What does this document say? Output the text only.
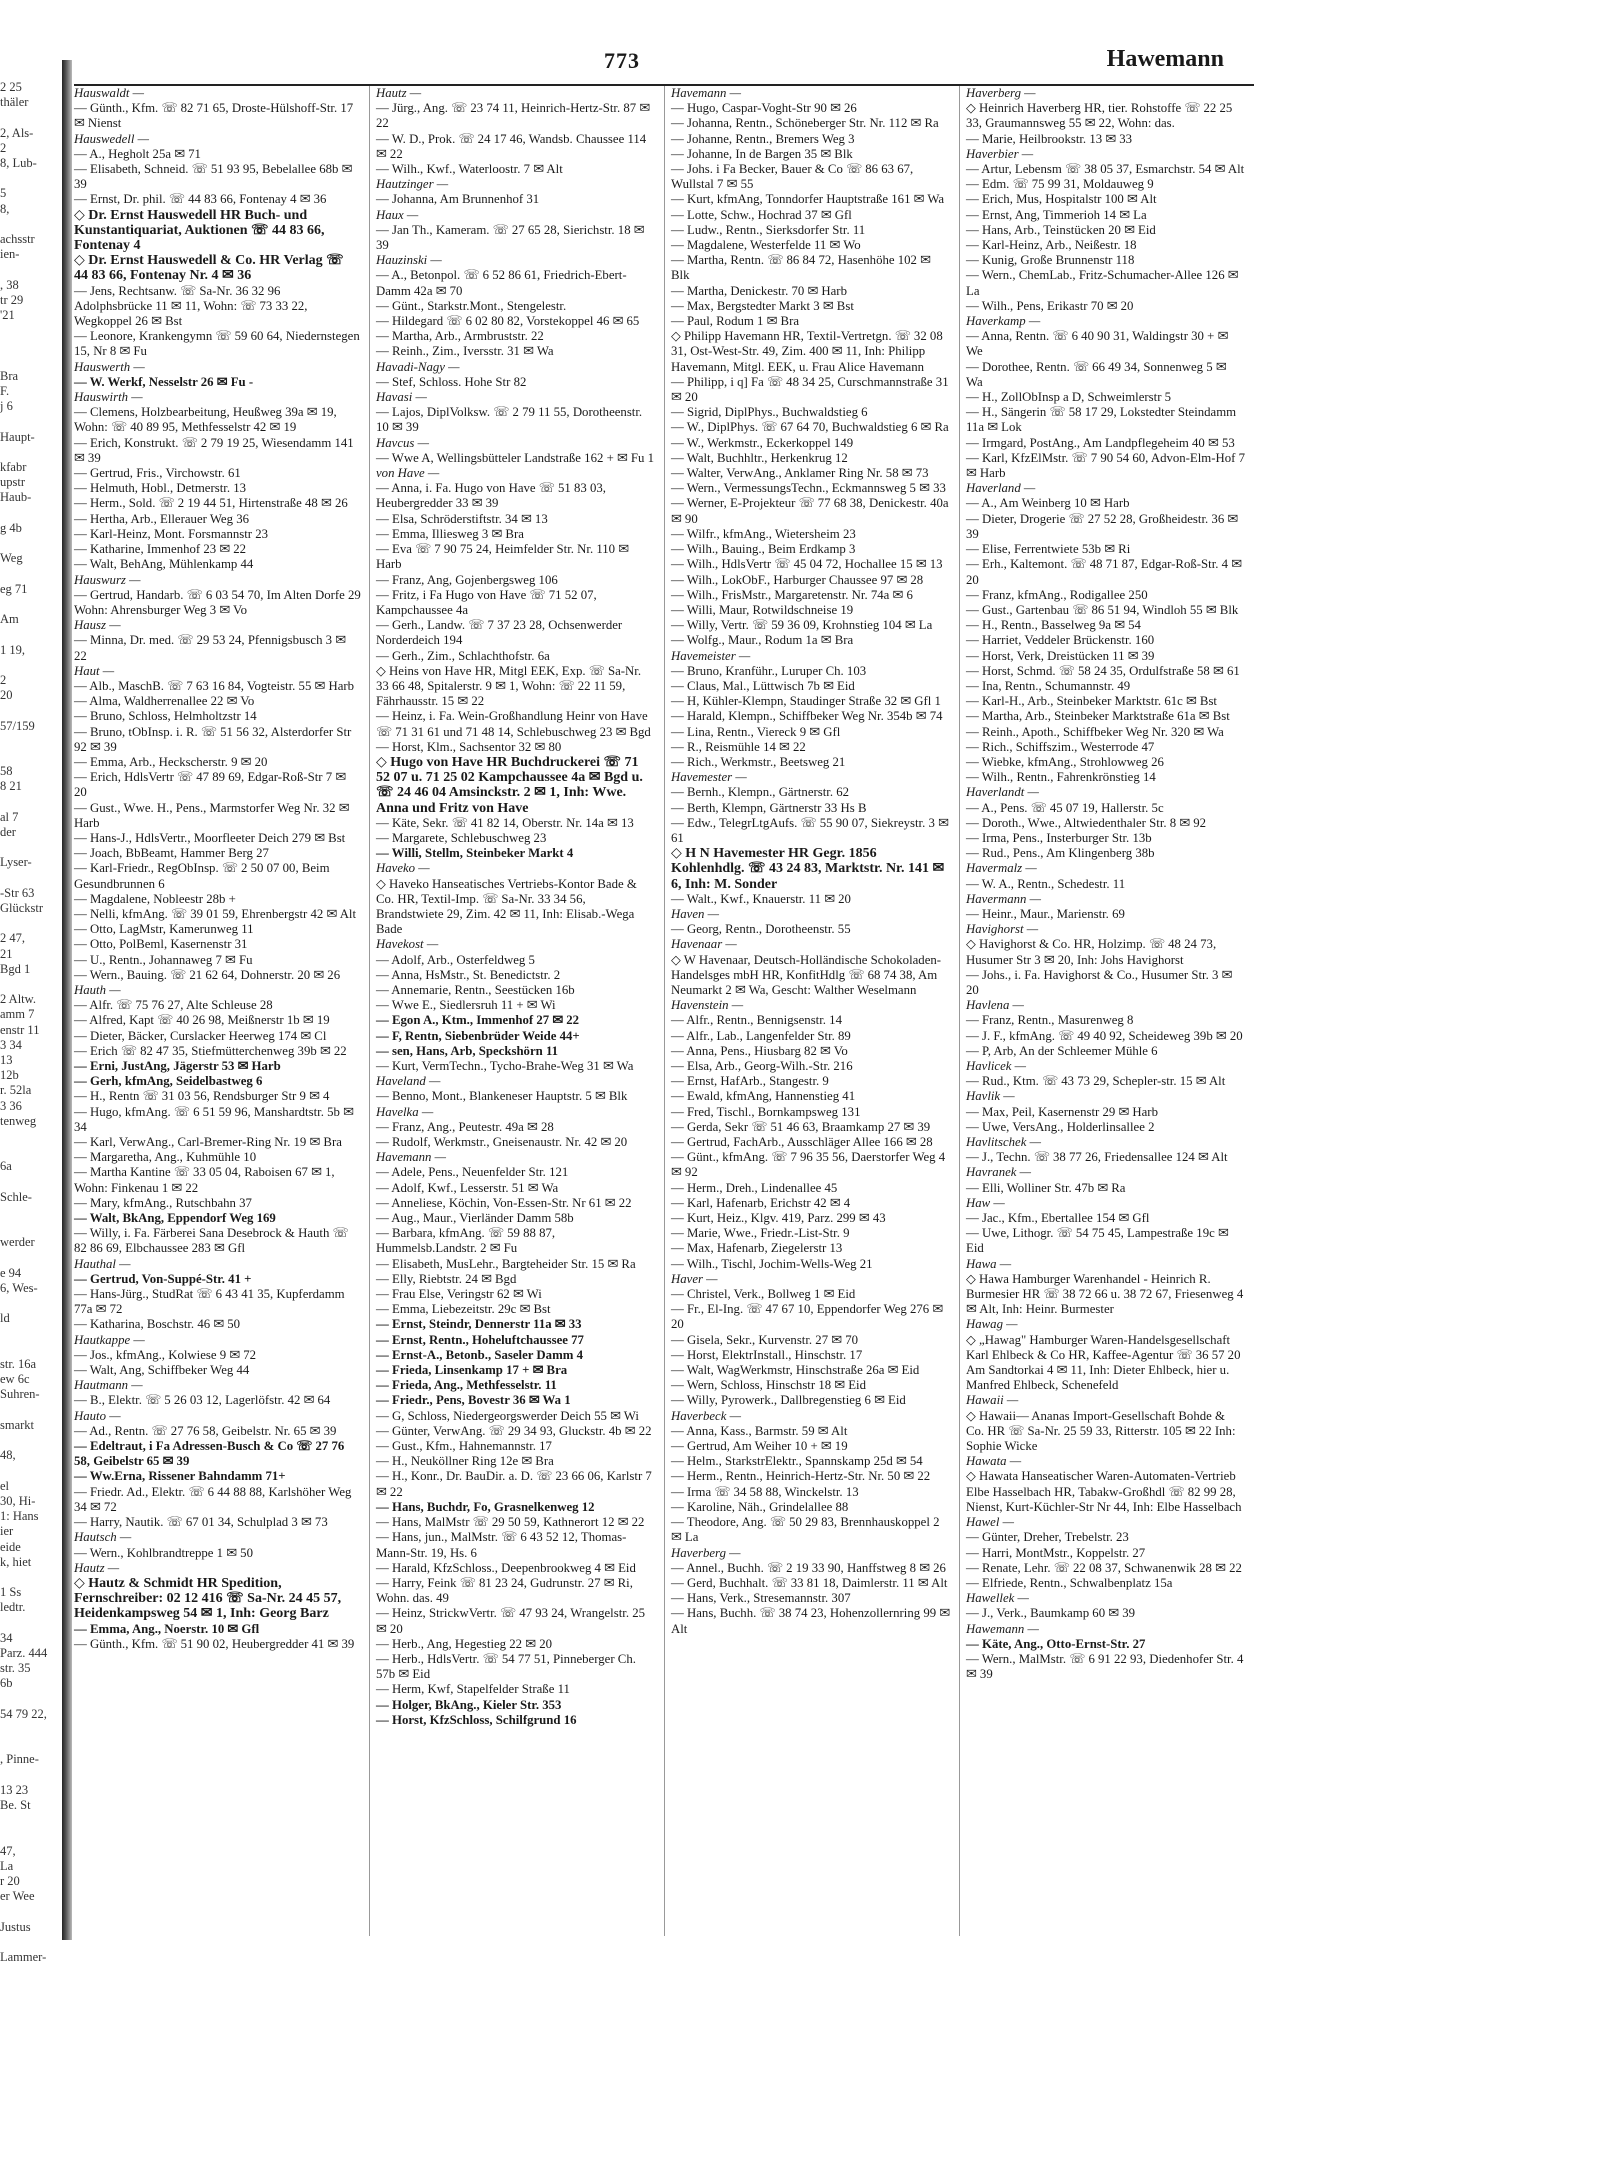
2 25
thäler

2, Als-
2
8, Lub-

5
8,

achsstr
ien-

, 38
tr 29
'21

Bra
F.
j 6

Haupt-

kfabr
upstr
Haub-

g 4b

Weg

eg 71

Am

1 19,

2
20

57/159

58
8 21

al 7
der

Lyser-

-Str 63
Glückstr

2 47,
21
Bgd 1

2 Altw.
amm 7
enstr 11
3 34
13
12b
r. 52la
3 36
tenweg

6a

Schle-

werder

e 94
6, Wes-

ld

str. 16a
ew 6c
Suhren-

smarkt

48,

el
30, Hi-
1: Hans
ier
eide
k, hiet

1 Ss
ledtr.

34
Parz. 444
str. 35
6b

54 79 22,

, Pinne-

13 23
Be. St

47,
La
r 20
er Wee

Justus

Lammer-
773	Hawemann
Hauswaldt —
— Günth., Kfm. ☏ 82 71 65, Droste-Hülshoff-Str. 17 ✉ Nienst
Hauswedell —
— A., Hegholt 25a ✉ 71
— Elisabeth, Schneid. ☏ 51 93 95, Bebelallee 68b ✉ 39
— Ernst, Dr. phil. ☏ 44 83 66, Fontenay 4 ✉ 36
◇ Dr. Ernst Hauswedell HR Buch- und Kunstantiquariat, Auktionen ☏ 44 83 66, Fontenay 4
◇ Dr. Ernst Hauswedell & Co. HR Verlag ☏ 44 83 66, Fontenay Nr. 4 ✉ 36
— Jens, Rechtsanw. ☏ Sa-Nr. 36 32 96 Adolphsbrücke 11 ✉ 11, Wohn: ☏ 73 33 22, Wegkoppel 26 ✉ Bst
— Leonore, Krankengymn ☏ 59 60 64, Niedernstegen 15, Nr 8 ✉ Fu
Hauswerth —
— W. Werkf, Nesselstr 26 ✉ Fu -
Hauswirth —
— Clemens, Holzbearbeitung, Heußweg 39a ✉ 19, Wohn: ☏ 40 89 95, Methfesselstr 42 ✉ 19
— Erich, Konstrukt. ☏ 2 79 19 25, Wiesendamm 141 ✉ 39
— Gertrud, Fris., Virchowstr. 61
— Helmuth, Hobl., Detmerstr. 13
— Herm., Sold. ☏ 2 19 44 51, Hirtenstraße 48 ✉ 26
— Hertha, Arb., Ellerauer Weg 36
— Karl-Heinz, Mont. Forsmannstr 23
— Katharine, Immenhof 23 ✉ 22
— Walt, BehAng, Mühlenkamp 44
Hauswurz —
— Gertrud, Handarb. ☏ 6 03 54 70, Im Alten Dorfe 29 Wohn: Ahrensburger Weg 3 ✉ Vo
Hausz —
— Minna, Dr. med. ☏ 29 53 24, Pfennigsbusch 3 ✉ 22
Haut —
— Alb., MaschB. ☏ 7 63 16 84, Vogteistr. 55 ✉ Harb
— Alma, Waldherrenallee 22 ✉ Vo
— Bruno, Schloss, Helmholtzstr 14
— Bruno, tObInsp. i. R. ☏ 51 56 32, Alsterdorfer Str 92 ✉ 39
— Emma, Arb., Heckscherstr. 9 ✉ 20
— Erich, HdlsVertr ☏ 47 89 69, Edgar-Roß-Str 7 ✉ 20
— Gust., Wwe. H., Pens., Marmstorfer Weg Nr. 32 ✉ Harb
— Hans-J., HdlsVertr., Moorfleeter Deich 279 ✉ Bst
— Joach, BbBeamt, Hammer Berg 27
— Karl-Friedr., RegObInsp. ☏ 2 50 07 00, Beim Gesundbrunnen 6
— Magdalene, Nobleestr 28b +
— Nelli, kfmAng. ☏ 39 01 59, Ehrenbergstr 42 ✉ Alt
— Otto, LagMstr, Kamerunweg 11
— Otto, PolBeml, Kasernenstr 31
— U., Rentn., Johannaweg 7 ✉ Fu
— Wern., Bauing. ☏ 21 62 64, Dohnerstr. 20 ✉ 26
Hauth —
— Alfr. ☏ 75 76 27, Alte Schleuse 28
— Alfred, Kapt ☏ 40 26 98, Meißnerstr 1b ✉ 19
— Dieter, Bäcker, Curslacker Heerweg 174 ✉ Cl
— Erich ☏ 82 47 35, Stiefmütterchenweg 39b ✉ 22
— Erni, JustAng, Jägerstr 53 ✉ Harb
— Gerh, kfmAng, Seidelbastweg 6
— H., Rentn ☏ 31 03 56, Rendsburger Str 9 ✉ 4
— Hugo, kfmAng. ☏ 6 51 59 96, Manshardtstr. 5b ✉ 34
— Karl, VerwAng., Carl-Bremer-Ring Nr. 19 ✉ Bra
— Margaretha, Ang., Kuhmühle 10
— Martha Kantine ☏ 33 05 04, Raboisen 67 ✉ 1, Wohn: Finkenau 1 ✉ 22
— Mary, kfmAng., Rutschbahn 37
— Walt, BkAng, Eppendorf Weg 169
— Willy, i. Fa. Färberei Sana Desebrock & Hauth ☏ 82 86 69, Elbchaussee 283 ✉ Gfl
Hauthal —
— Gertrud, Von-Suppé-Str. 41 +
— Hans-Jürg., StudRat ☏ 6 43 41 35, Kupferdamm 77a ✉ 72
— Katharina, Boschstr. 46 ✉ 50
Hautkappe —
— Jos., kfmAng., Kolwiese 9 ✉ 72
— Walt, Ang, Schiffbeker Weg 44
Hautmann —
— B., Elektr. ☏ 5 26 03 12, Lagerlöfstr. 42 ✉ 64
Hauto —
— Ad., Rentn. ☏ 27 76 58, Geibelstr. Nr. 65 ✉ 39
— Edeltraut, i Fa Adressen-Busch & Co ☏ 27 76 58, Geibelstr 65 ✉ 39
— Ww.Erna, Rissener Bahndamm 71+
— Friedr. Ad., Elektr. ☏ 6 44 88 88, Karlshöher Weg 34 ✉ 72
— Harry, Nautik. ☏ 67 01 34, Schulplad 3 ✉ 73
Hautsch —
— Wern., Kohlbrandtreppe 1 ✉ 50
Hautz —
◇ Hautz & Schmidt HR Spedition, Fernschreiber: 02 12 416 ☏ Sa-Nr. 24 45 57, Heidenkampsweg 54 ✉ 1, Inh: Georg Barz
— Emma, Ang., Noerstr. 10 ✉ Gfl
— Günth., Kfm. ☏ 51 90 02, Heubergredder 41 ✉ 39
Hautz —
— Jürg., Ang. ☏ 23 74 11, Heinrich-Hertz-Str. 87 ✉ 22
— W. D., Prok. ☏ 24 17 46, Wandsb. Chaussee 114 ✉ 22
— Wilh., Kwf., Waterloostr. 7 ✉ Alt
Hautzinger —
— Johanna, Am Brunnenhof 31
Haux —
— Jan Th., Kameram. ☏ 27 65 28, Sierichstr. 18 ✉ 39
Hauzinski —
— A., Betonpol. ☏ 6 52 86 61, Friedrich-Ebert-Damm 42a ✉ 70
— Günt., Starkstr.Mont., Stengelestr.
— Hildegard ☏ 6 02 80 82, Vorstekoppel 46 ✉ 65
— Martha, Arb., Armbruststr. 22
— Reinh., Zim., Iversstr. 31 ✉ Wa
Havadi-Nagy —
— Stef, Schloss. Hohe Str 82
Havasi —
— Lajos, DiplVolksw. ☏ 2 79 11 55, Dorotheenstr. 10 ✉ 39
Havcus —
— Wwe A, Wellingsbütteler Landstraße 162 + ✉ Fu 1
von Have —
— Anna, i. Fa. Hugo von Have ☏ 51 83 03, Heubergredder 33 ✉ 39
— Elsa, Schröderstiftstr. 34 ✉ 13
— Emma, Illiesweg 3 ✉ Bra
— Eva ☏ 7 90 75 24, Heimfelder Str. Nr. 110 ✉ Harb
— Franz, Ang, Gojenbergsweg 106
— Fritz, i Fa Hugo von Have ☏ 71 52 07, Kampchaussee 4a
— Gerh., Landw. ☏ 7 37 23 28, Ochsenwerder Norderdeich 194
— Gerh., Zim., Schlachthofstr. 6a
◇ Heins von Have HR, Mitgl EEK, Exp. ☏ Sa-Nr. 33 66 48, Spitalerstr. 9 ✉ 1, Wohn: ☏ 22 11 59, Fährhausstr. 15 ✉ 22
— Heinz, i. Fa. Wein-Großhandlung Heinr von Have ☏ 71 31 61 und 71 48 14, Schlebuschweg 23 ✉ Bgd
— Horst, Klm., Sachsentor 32 ✉ 80
◇ Hugo von Have HR Buchdruckerei ☏ 71 52 07 u. 71 25 02 Kampchaussee 4a ✉ Bgd u. ☏ 24 46 04 Amsinckstr. 2 ✉ 1, Inh: Wwe. Anna und Fritz von Have
— Käte, Sekr. ☏ 41 82 14, Oberstr. Nr. 14a ✉ 13
— Margarete, Schlebuschweg 23
— Willi, Stellm, Steinbeker Markt 4
Haveko —
◇ Haveko Hanseatisches Vertriebs-Kontor Bade & Co. HR, Textil-Imp. ☏ Sa-Nr. 33 34 56, Brandstwiete 29, Zim. 42 ✉ 11, Inh: Elisab.-Wega Bade
Havekost —
— Adolf, Arb., Osterfeldweg 5
— Anna, HsMstr., St. Benedictstr. 2
— Annemarie, Rentn., Seestücken 16b
— Wwe E., Siedlersruh 11 + ✉ Wi
— Egon A., Ktm., Immenhof 27 ✉ 22
— F, Rentn, Siebenbrüder Weide 44+
— sen, Hans, Arb, Speckshörn 11
— Kurt, VermTechn., Tycho-Brahe-Weg 31 ✉ Wa
Haveland —
— Benno, Mont., Blankeneser Hauptstr. 5 ✉ Blk
Havelka —
— Franz, Ang., Peutestr. 49a ✉ 28
— Rudolf, Werkmstr., Gneisenaustr. Nr. 42 ✉ 20
Havemann —
— Adele, Pens., Neuenfelder Str. 121
— Adolf, Kwf., Lesserstr. 51 ✉ Wa
— Anneliese, Köchin, Von-Essen-Str. Nr 61 ✉ 22
— Aug., Maur., Vierländer Damm 58b
— Barbara, kfmAng. ☏ 59 88 87, Hummelsb.Landstr. 2 ✉ Fu
— Elisabeth, MusLehr., Bargteheider Str. 15 ✉ Ra
— Elly, Riebtstr. 24 ✉ Bgd
— Frau Else, Veringstr 62 ✉ Wi
— Emma, Liebezeitstr. 29c ✉ Bst
— Ernst, Steindr, Dennerstr 11a ✉ 33
— Ernst, Rentn., Hoheluftchaussee 77
— Ernst-A., Betonb., Saseler Damm 4
— Frieda, Linsenkamp 17 + ✉ Bra
— Frieda, Ang., Methfesselstr. 11
— Friedr., Pens, Bovestr 36 ✉ Wa 1
— G, Schloss, Niedergeorgswerder Deich 55 ✉ Wi
— Günter, VerwAng. ☏ 29 34 93, Gluckstr. 4b ✉ 22
— Gust., Kfm., Hahnemannstr. 17
— H., Neuköllner Ring 12e ✉ Bra
— H., Konr., Dr. BauDir. a. D. ☏ 23 66 06, Karlstr 7 ✉ 22
— Hans, Buchdr, Fo, Grasnelkenweg 12
— Hans, MalMstr ☏ 29 50 59, Kathnerort 12 ✉ 22
— Hans, jun., MalMstr. ☏ 6 43 52 12, Thomas-Mann-Str. 19, Hs. 6
— Harald, KfzSchloss., Deepenbrookweg 4 ✉ Eid
— Harry, Feink ☏ 81 23 24, Gudrunstr. 27 ✉ Ri, Wohn. das. 49
— Heinz, StrickwVertr. ☏ 47 93 24, Wrangelstr. 25 ✉ 20
— Herb., Ang, Hegestieg 22 ✉ 20
— Herb., HdlsVertr. ☏ 54 77 51, Pinneberger Ch. 57b ✉ Eid
— Herm, Kwf, Stapelfelder Straße 11
— Holger, BkAng., Kieler Str. 353
— Horst, KfzSchloss, Schilfgrund 16
Havemann —
— Hugo, Caspar-Voght-Str 90 ✉ 26
— Johanna, Rentn., Schöneberger Str. Nr. 112 ✉ Ra
— Johanne, Rentn., Bremers Weg 3
— Johanne, In de Bargen 35 ✉ Blk
— Johs. i Fa Becker, Bauer & Co ☏ 86 63 67, Wullstal 7 ✉ 55
— Kurt, kfmAng, Tonndorfer Hauptstraße 161 ✉ Wa
— Lotte, Schw., Hochrad 37 ✉ Gfl
— Ludw., Rentn., Sierksdorfer Str. 11
— Magdalene, Westerfelde 11 ✉ Wo
— Martha, Rentn. ☏ 86 84 72, Hasenhöhe 102 ✉ Blk
— Martha, Denickestr. 70 ✉ Harb
— Max, Bergstedter Markt 3 ✉ Bst
— Paul, Rodum 1 ✉ Bra
◇ Philipp Havemann HR, Textil-Vertretgn. ☏ 32 08 31, Ost-West-Str. 49, Zim. 400 ✉ 11, Inh: Philipp Havemann, Mitgl. EEK, u. Frau Alice Havemann
— Philipp, i q] Fa ☏ 48 34 25, Curschmannstraße 31 ✉ 20
— Sigrid, DiplPhys., Buchwaldstieg 6
— W., DiplPhys. ☏ 67 64 70, Buchwaldstieg 6 ✉ Ra
— W., Werkmstr., Eckerkoppel 149
— Walt, Buchhltr., Herkenkrug 12
— Walter, VerwAng., Anklamer Ring Nr. 58 ✉ 73
— Wern., VermessungsTechn., Eckmannsweg 5 ✉ 33
— Werner, E-Projekteur ☏ 77 68 38, Denickestr. 40a ✉ 90
— Wilfr., kfmAng., Wietersheim 23
— Wilh., Bauing., Beim Erdkamp 3
— Wilh., HdlsVertr ☏ 45 04 72, Hochallee 15 ✉ 13
— Wilh., LokObF., Harburger Chaussee 97 ✉ 28
— Wilh., FrisMstr., Margaretenstr. Nr. 74a ✉ 6
— Willi, Maur, Rotwildschneise 19
— Willy, Vertr. ☏ 59 36 09, Krohnstieg 104 ✉ La
— Wolfg., Maur., Rodum 1a ✉ Bra
Havemeister —
— Bruno, Kranführ., Luruper Ch. 103
— Claus, Mal., Lüttwisch 7b ✉ Eid
— H, Kühler-Klempn, Staudinger Straße 32 ✉ Gfl 1
— Harald, Klempn., Schiffbeker Weg Nr. 354b ✉ 74
— Lina, Rentn., Viereck 9 ✉ Gfl
— R., Reismühle 14 ✉ 22
— Rich., Werkmstr., Beetsweg 21
Havemester —
— Bernh., Klempn., Gärtnerstr. 62
— Berth, Klempn, Gärtnerstr 33 Hs B
— Edw., TelegrLtgAufs. ☏ 55 90 07, Siekreystr. 3 ✉ 61
◇ H N Havemester HR Gegr. 1856 Kohlenhdlg. ☏ 43 24 83, Marktstr. Nr. 141 ✉ 6, Inh: M. Sonder
— Walt., Kwf., Knauerstr. 11 ✉ 20
Haven —
— Georg, Rentn., Dorotheenstr. 55
Havenaar —
◇ W Havenaar, Deutsch-Holländische Schokoladen-Handelsges mbH HR, KonfitHdlg ☏ 68 74 38, Am Neumarkt 2 ✉ Wa, Gescht: Walther Weselmann
Havenstein —
— Alfr., Rentn., Bennigsenstr. 14
— Alfr., Lab., Langenfelder Str. 89
— Anna, Pens., Hiusbarg 82 ✉ Vo
— Elsa, Arb., Georg-Wilh.-Str. 216
— Ernst, HafArb., Stangestr. 9
— Ewald, kfmAng, Hannenstieg 41
— Fred, Tischl., Bornkampsweg 131
— Gerda, Sekr ☏ 51 46 63, Braamkamp 27 ✉ 39
— Gertrud, FachArb., Ausschläger Allee 166 ✉ 28
— Günt., kfmAng. ☏ 7 96 35 56, Daerstorfer Weg 4 ✉ 92
— Herm., Dreh., Lindenallee 45
— Karl, Hafenarb, Erichstr 42 ✉ 4
— Kurt, Heiz., Klgv. 419, Parz. 299 ✉ 43
— Marie, Wwe., Friedr.-List-Str. 9
— Max, Hafenarb, Ziegelerstr 13
— Wilh., Tischl, Jochim-Wells-Weg 21
Haver —
— Christel, Verk., Bollweg 1 ✉ Eid
— Fr., El-Ing. ☏ 47 67 10, Eppendorfer Weg 276 ✉ 20
— Gisela, Sekr., Kurvenstr. 27 ✉ 70
— Horst, ElektrInstall., Hinschstr. 17
— Walt, WagWerkmstr, Hinschstraße 26a ✉ Eid
— Wern, Schloss, Hinschstr 18 ✉ Eid
— Willy, Pyrowerk., Dallbregenstieg 6 ✉ Eid
Haverbeck —
— Anna, Kass., Barmstr. 59 ✉ Alt
— Gertrud, Am Weiher 10 + ✉ 19
— Helm., StarkstrElektr., Spannskamp 25d ✉ 54
— Herm., Rentn., Heinrich-Hertz-Str. Nr. 50 ✉ 22
— Irma ☏ 34 58 88, Winckelstr. 13
— Karoline, Näh., Grindelallee 88
— Theodore, Ang. ☏ 50 29 83, Brennhauskoppel 2 ✉ La
Haverberg —
— Annel., Buchh. ☏ 2 19 33 90, Hanffstweg 8 ✉ 26
— Gerd, Buchhalt. ☏ 33 81 18, Daimlerstr. 11 ✉ Alt
— Hans, Verk., Stresemannstr. 307
— Hans, Buchh. ☏ 38 74 23, Hohenzollernring 99 ✉ Alt
Haverberg —
◇ Heinrich Haverberg HR, tier. Rohstoffe ☏ 22 25 33, Graumannsweg 55 ✉ 22, Wohn: das.
— Marie, Heilbrookstr. 13 ✉ 33
Haverbier —
— Artur, Lebensm ☏ 38 05 37, Esmarchstr. 54 ✉ Alt
— Edm. ☏ 75 99 31, Moldauweg 9
— Erich, Mus, Hospitalstr 100 ✉ Alt
— Ernst, Ang, Timmerioh 14 ✉ La
— Hans, Arb., Teinstücken 20 ✉ Eid
— Karl-Heinz, Arb., Neißestr. 18
— Kunig, Große Brunnenstr 118
— Wern., ChemLab., Fritz-Schumacher-Allee 126 ✉ La
— Wilh., Pens, Erikastr 70 ✉ 20
Haverkamp —
— Anna, Rentn. ☏ 6 40 90 31, Waldingstr 30 + ✉ We
— Dorothee, Rentn. ☏ 66 49 34, Sonnenweg 5 ✉ Wa
— H., ZollObInsp a D, Schweimlerstr 5
— H., Sängerin ☏ 58 17 29, Lokstedter Steindamm 11a ✉ Lok
— Irmgard, PostAng., Am Landpflegeheim 40 ✉ 53
— Karl, KfzElMstr. ☏ 7 90 54 60, Advon-Elm-Hof 7 ✉ Harb
Haverland —
— A., Am Weinberg 10 ✉ Harb
— Dieter, Drogerie ☏ 27 52 28, Großheidestr. 36 ✉ 39
— Elise, Ferrentwiete 53b ✉ Ri
— Erh., Kaltemont. ☏ 48 71 87, Edgar-Roß-Str. 4 ✉ 20
— Franz, kfmAng., Rodigallee 250
— Gust., Gartenbau ☏ 86 51 94, Windloh 55 ✉ Blk
— H., Rentn., Basselweg 9a ✉ 54
— Harriet, Veddeler Brückenstr. 160
— Horst, Verk, Dreistücken 11 ✉ 39
— Horst, Schmd. ☏ 58 24 35, Ordulfstraße 58 ✉ 61
— Ina, Rentn., Schumannstr. 49
— Karl-H., Arb., Steinbeker Marktstr. 61c ✉ Bst
— Martha, Arb., Steinbeker Marktstraße 61a ✉ Bst
— Reinh., Apoth., Schiffbeker Weg Nr. 320 ✉ Wa
— Rich., Schiffszim., Westerrode 47
— Wiebke, kfmAng., Strohlowweg 26
— Wilh., Rentn., Fahrenkrönstieg 14
Haverlandt —
— A., Pens. ☏ 45 07 19, Hallerstr. 5c
— Doroth., Wwe., Altwiedenthaler Str. 8 ✉ 92
— Irma, Pens., Insterburger Str. 13b
— Rud., Pens., Am Klingenberg 38b
Havermalz —
— W. A., Rentn., Schedestr. 11
Havermann —
— Heinr., Maur., Marienstr. 69
Havighorst —
◇ Havighorst & Co. HR, Holzimp. ☏ 48 24 73, Husumer Str 3 ✉ 20, Inh: Johs Havighorst
— Johs., i. Fa. Havighorst & Co., Husumer Str. 3 ✉ 20
Havlena —
— Franz, Rentn., Masurenweg 8
— J. F., kfmAng. ☏ 49 40 92, Scheideweg 39b ✉ 20
— P, Arb, An der Schleemer Mühle 6
Havlicek —
— Rud., Ktm. ☏ 43 73 29, Schepler-str. 15 ✉ Alt
Havlik —
— Max, Peil, Kasernenstr 29 ✉ Harb
— Uwe, VersAng., Holderlinsallee 2
Havlitschek —
— J., Techn. ☏ 38 77 26, Friedensallee 124 ✉ Alt
Havranek —
— Elli, Wolliner Str. 47b ✉ Ra
Haw —
— Jac., Kfm., Ebertallee 154 ✉ Gfl
— Uwe, Lithogr. ☏ 54 75 45, Lampestraße 19c ✉ Eid
Hawa —
◇ Hawa Hamburger Warenhandel - Heinrich R. Burmesier HR ☏ 38 72 66 u. 38 72 67, Friesenweg 4 ✉ Alt, Inh: Heinr. Burmester
Hawag —
◇ „Hawag" Hamburger Waren-Handelsgesellschaft Karl Ehlbeck & Co HR, Kaffee-Agentur ☏ 36 57 20 Am Sandtorkai 4 ✉ 11, Inh: Dieter Ehlbeck, hier u. Manfred Ehlbeck, Schenefeld
Hawaii —
◇ Hawaii— Ananas Import-Gesellschaft Bohde & Co. HR ☏ Sa-Nr. 25 59 33, Ritterstr. 105 ✉ 22 Inh: Sophie Wicke
Hawata —
◇ Hawata Hanseatischer Waren-Automaten-Vertrieb Elbe Hasselbach HR, Tabakw-Großhdl ☏ 82 99 28, Nienst, Kurt-Küchler-Str Nr 44, Inh: Elbe Hasselbach
Hawel —
— Günter, Dreher, Trebelstr. 23
— Harri, MontMstr., Koppelstr. 27
— Renate, Lehr. ☏ 22 08 37, Schwanenwik 28 ✉ 22
— Elfriede, Rentn., Schwalbenplatz 15a
Hawellek —
— J., Verk., Baumkamp 60 ✉ 39
Hawemann —
— Käte, Ang., Otto-Ernst-Str. 27
— Wern., MalMstr. ☏ 6 91 22 93, Diedenhofer Str. 4 ✉ 39
